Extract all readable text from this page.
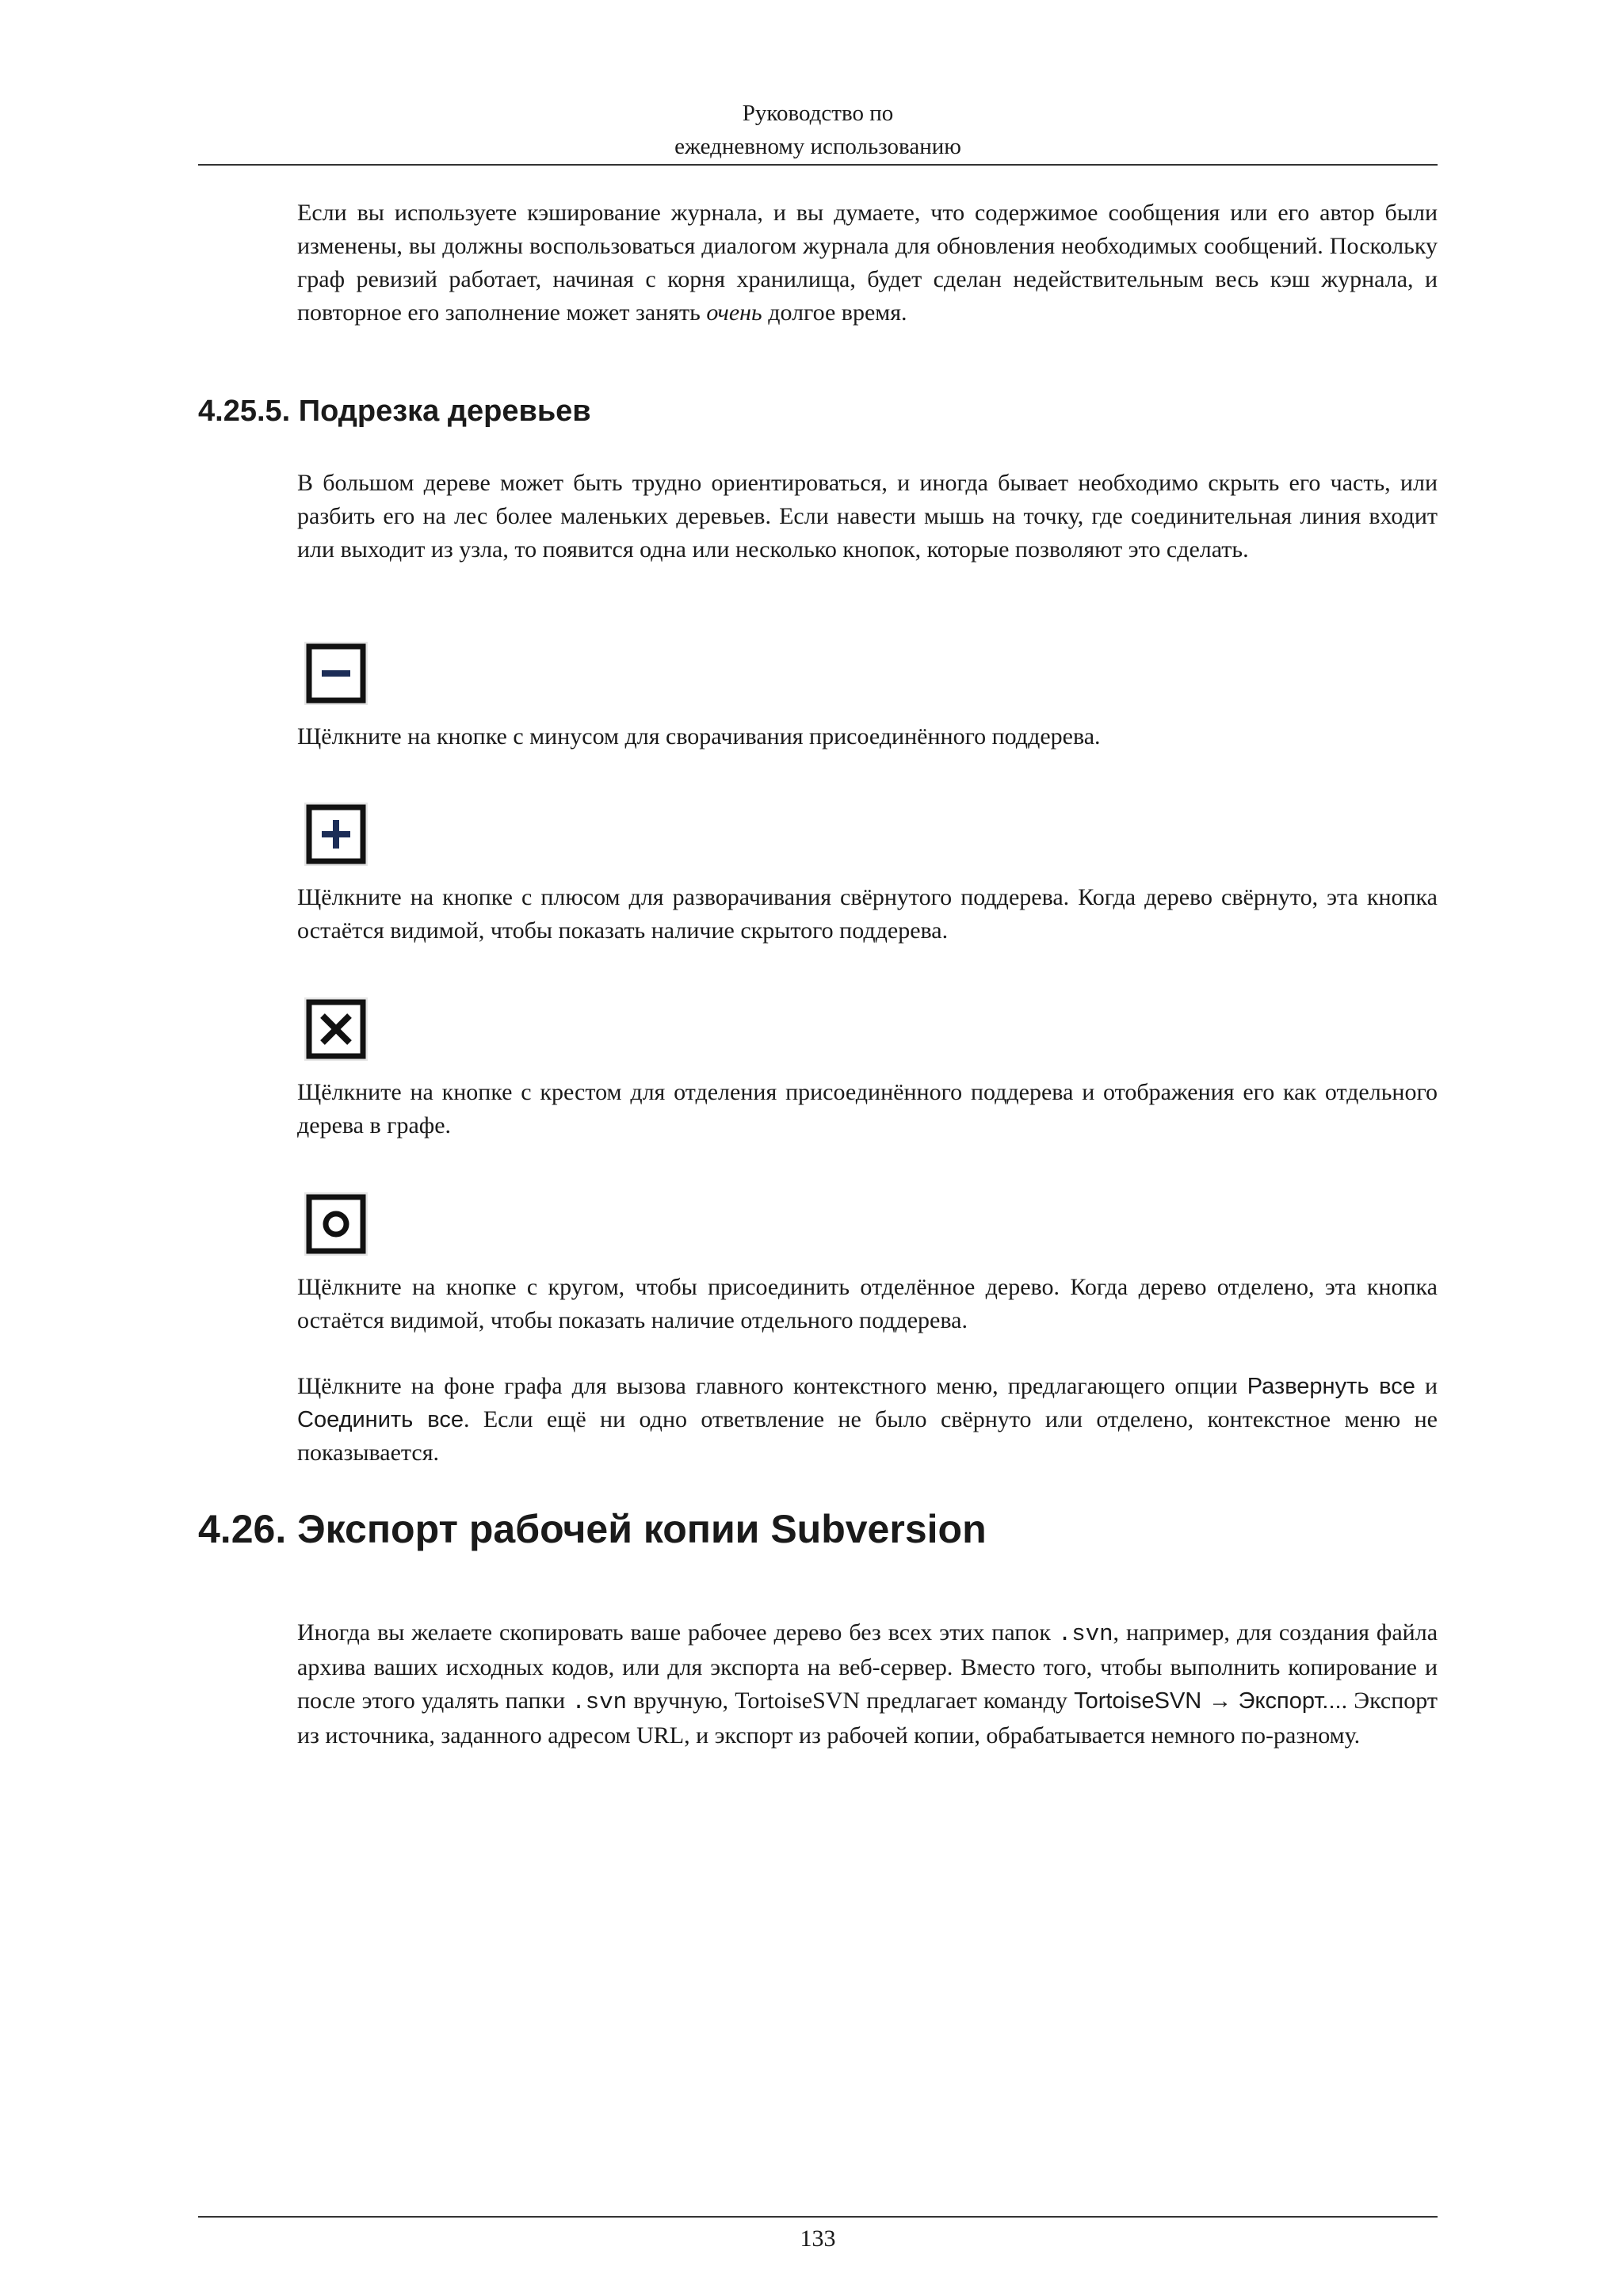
Руководство по
ежедневному использованию

Если вы используете кэширование журнала, и вы думаете, что содержимое сообщения или его автор были изменены, вы должны воспользоваться диалогом журнала для обновления необходимых сообщений. Поскольку граф ревизий работает, начиная с корня хранилища, будет сделан недействительным весь кэш журнала, и повторное его заполнение может занять очень долгое время.

4.25.5. Подрезка деревьев

В большом дереве может быть трудно ориентироваться, и иногда бывает необходимо скрыть его часть, или разбить его на лес более маленьких деревьев. Если навести мышь на точку, где соединительная линия входит или выходит из узла, то появится одна или несколько кнопок, которые позволяют это сделать.

Щёлкните на кнопке с минусом для сворачивания присоединённого поддерева.

Щёлкните на кнопке с плюсом для разворачивания свёрнутого поддерева. Когда дерево свёрнуто, эта кнопка остаётся видимой, чтобы показать наличие скрытого поддерева.

Щёлкните на кнопке с крестом для отделения присоединённого поддерева и отображения его как отдельного дерева в графе.

Щёлкните на кнопке с кругом, чтобы присоединить отделённое дерево. Когда дерево отделено, эта кнопка остаётся видимой, чтобы показать наличие отдельного поддерева.

Щёлкните на фоне графа для вызова главного контекстного меню, предлагающего опции Развернуть все и Соединить все. Если ещё ни одно ответвление не было свёрнуто или отделено, контекстное меню не показывается.

4.26. Экспорт рабочей копии Subversion

Иногда вы желаете скопировать ваше рабочее дерево без всех этих папок .svn, например, для создания файла архива ваших исходных кодов, или для экспорта на веб-сервер. Вместо того, чтобы выполнить копирование и после этого удалять папки .svn вручную, TortoiseSVN предлагает команду TortoiseSVN → Экспорт.... Экспорт из источника, заданного адресом URL, и экспорт из рабочей копии, обрабатывается немного по-разному.

133
